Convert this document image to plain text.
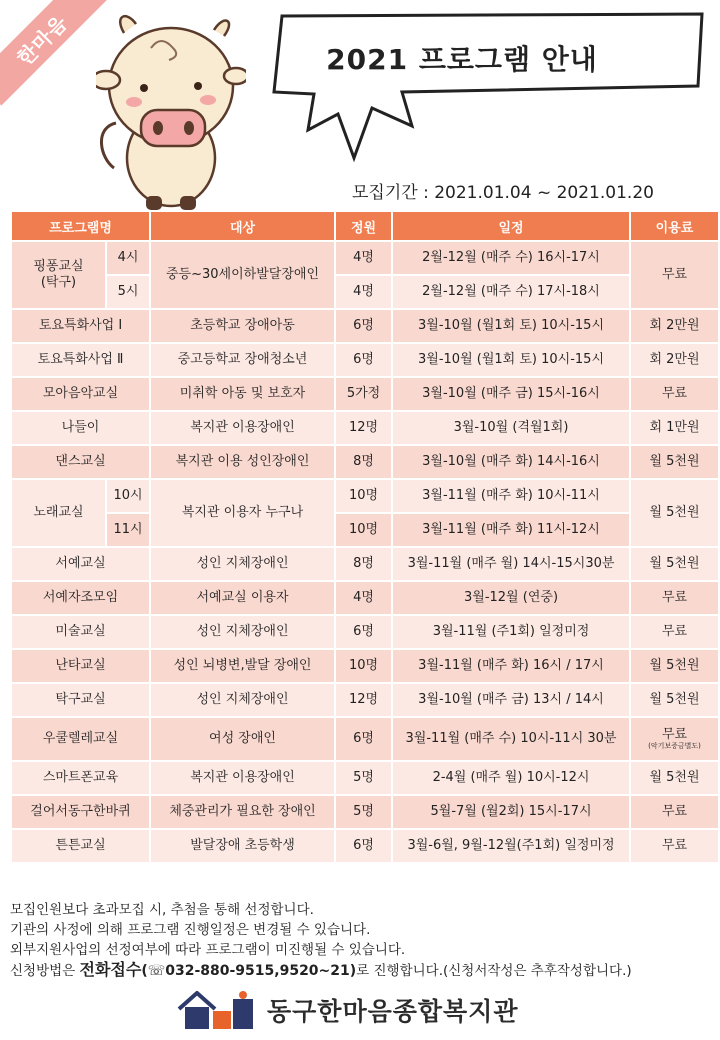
한마음	2021 프로그램 안내
모집기간 : 2021.01.04 ~ 2021.01.20
프로그램명		대상	정원	일정	이용료
핑퐁교실
(탁구)	4시	중등~30세이하발달장애인	4명	2월-12월 (매주 수) 16시-17시	무료
	5시		4명	2월-12월 (매주 수) 17시-18시	
토요특화사업 Ⅰ		초등학교 장애아동	6명	3월-10월 (월1회 토) 10시-15시	회 2만원
토요특화사업 Ⅱ		중고등학교 장애청소년	6명	3월-10월 (월1회 토) 10시-15시	회 2만원
모아음악교실		미취학 아동 및 보호자	5가정	3월-10월 (매주 금) 15시-16시	무료
나들이		복지관 이용장애인	12명	3월-10월 (격월1회)	회 1만원
댄스교실		복지관 이용 성인장애인	8명	3월-10월 (매주 화) 14시-16시	월 5천원
노래교실	10시	복지관 이용자 누구나	10명	3월-11월 (매주 화) 10시-11시	월 5천원
	11시		10명	3월-11월 (매주 화) 11시-12시	
서예교실		성인 지체장애인	8명	3월-11월 (매주 월) 14시-15시30분	월 5천원
서예자조모임		서예교실 이용자	4명	3월-12월 (연중)	무료
미술교실		성인 지체장애인	6명	3월-11월 (주1회) 일정미정	무료
난타교실		성인 뇌병변,발달 장애인	10명	3월-11월 (매주 화) 16시 / 17시	월 5천원
탁구교실		성인 지체장애인	12명	3월-10월 (매주 금) 13시 / 14시	월 5천원
우쿨렐레교실		여성 장애인	6명	3월-11월 (매주 수) 10시-11시 30분	무료
(악기보증금별도)

스마트폰교육		복지관 이용장애인	5명	2-4월 (매주 월) 10시-12시	월 5천원
걸어서동구한바퀴		체중관리가 필요한 장애인	5명	5월-7월 (월2회) 15시-17시	무료
튼튼교실		발달장애 초등학생	6명	3월-6월, 9월-12월(주1회) 일정미정	무료
모집인원보다 초과모집 시, 추첨을 통해 선정합니다.
기관의 사정에 의해 프로그램 진행일정은 변경될 수 있습니다.
외부지원사업의 선정여부에 따라 프로그램이 미진행될 수 있습니다.
신청방법은 전화접수(☏032-880-9515,9520~21)로 진행합니다.(신청서작성은 추후작성합니다.)
동구한마음종합복지관
